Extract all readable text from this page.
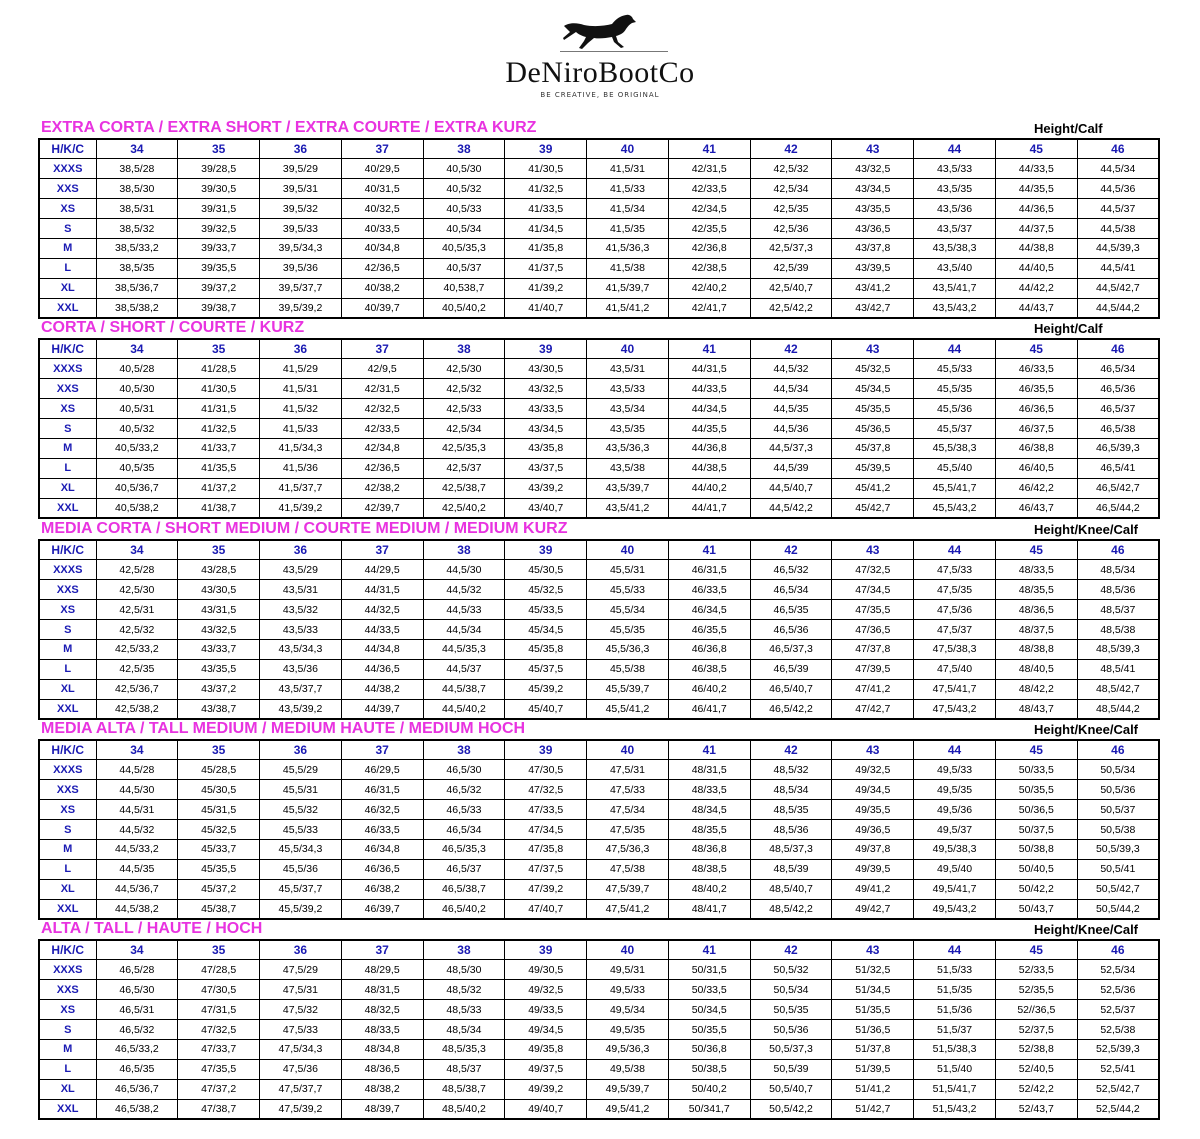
DeNiroBootCo
BE CREATIVE, BE ORIGINAL
EXTRA CORTA / EXTRA SHORT / EXTRA COURTE / EXTRA KURZ	Height/Calf
H/K/C	34	35	36	37	38	39	40	41	42	43	44	45	46
XXXS	38,5/28	39/28,5	39,5/29	40/29,5	40,5/30	41/30,5	41,5/31	42/31,5	42,5/32	43/32,5	43,5/33	44/33,5	44,5/34
XXS	38,5/30	39/30,5	39,5/31	40/31,5	40,5/32	41/32,5	41,5/33	42/33,5	42,5/34	43/34,5	43,5/35	44/35,5	44,5/36
XS	38,5/31	39/31,5	39,5/32	40/32,5	40,5/33	41/33,5	41,5/34	42/34,5	42,5/35	43/35,5	43,5/36	44/36,5	44,5/37
S	38,5/32	39/32,5	39,5/33	40/33,5	40,5/34	41/34,5	41,5/35	42/35,5	42,5/36	43/36,5	43,5/37	44/37,5	44,5/38
M	38,5/33,2	39/33,7	39,5/34,3	40/34,8	40,5/35,3	41/35,8	41,5/36,3	42/36,8	42,5/37,3	43/37,8	43,5/38,3	44/38,8	44,5/39,3
L	38,5/35	39/35,5	39,5/36	42/36,5	40,5/37	41/37,5	41,5/38	42/38,5	42,5/39	43/39,5	43,5/40	44/40,5	44,5/41
XL	38,5/36,7	39/37,2	39,5/37,7	40/38,2	40,538,7	41/39,2	41,5/39,7	42/40,2	42,5/40,7	43/41,2	43,5/41,7	44/42,2	44,5/42,7
XXL	38,5/38,2	39/38,7	39,5/39,2	40/39,7	40,5/40,2	41/40,7	41,5/41,2	42/41,7	42,5/42,2	43/42,7	43,5/43,2	44/43,7	44,5/44,2
CORTA / SHORT / COURTE / KURZ	Height/Calf
H/K/C	34	35	36	37	38	39	40	41	42	43	44	45	46
XXXS	40,5/28	41/28,5	41,5/29	42/9,5	42,5/30	43/30,5	43,5/31	44/31,5	44,5/32	45/32,5	45,5/33	46/33,5	46,5/34
XXS	40,5/30	41/30,5	41,5/31	42/31,5	42,5/32	43/32,5	43,5/33	44/33,5	44,5/34	45/34,5	45,5/35	46/35,5	46,5/36
XS	40,5/31	41/31,5	41,5/32	42/32,5	42,5/33	43/33,5	43,5/34	44/34,5	44,5/35	45/35,5	45,5/36	46/36,5	46,5/37
S	40,5/32	41/32,5	41,5/33	42/33,5	42,5/34	43/34,5	43,5/35	44/35,5	44,5/36	45/36,5	45,5/37	46/37,5	46,5/38
M	40,5/33,2	41/33,7	41,5/34,3	42/34,8	42,5/35,3	43/35,8	43,5/36,3	44/36,8	44,5/37,3	45/37,8	45,5/38,3	46/38,8	46,5/39,3
L	40,5/35	41/35,5	41,5/36	42/36,5	42,5/37	43/37,5	43,5/38	44/38,5	44,5/39	45/39,5	45,5/40	46/40,5	46,5/41
XL	40,5/36,7	41/37,2	41,5/37,7	42/38,2	42,5/38,7	43/39,2	43,5/39,7	44/40,2	44,5/40,7	45/41,2	45,5/41,7	46/42,2	46,5/42,7
XXL	40,5/38,2	41/38,7	41,5/39,2	42/39,7	42,5/40,2	43/40,7	43,5/41,2	44/41,7	44,5/42,2	45/42,7	45,5/43,2	46/43,7	46,5/44,2
MEDIA CORTA / SHORT MEDIUM / COURTE MEDIUM / MEDIUM KURZ	Height/Knee/Calf
H/K/C	34	35	36	37	38	39	40	41	42	43	44	45	46
XXXS	42,5/28	43/28,5	43,5/29	44/29,5	44,5/30	45/30,5	45,5/31	46/31,5	46,5/32	47/32,5	47,5/33	48/33,5	48,5/34
XXS	42,5/30	43/30,5	43,5/31	44/31,5	44,5/32	45/32,5	45,5/33	46/33,5	46,5/34	47/34,5	47,5/35	48/35,5	48,5/36
XS	42,5/31	43/31,5	43,5/32	44/32,5	44,5/33	45/33,5	45,5/34	46/34,5	46,5/35	47/35,5	47,5/36	48/36,5	48,5/37
S	42,5/32	43/32,5	43,5/33	44/33,5	44,5/34	45/34,5	45,5/35	46/35,5	46,5/36	47/36,5	47,5/37	48/37,5	48,5/38
M	42,5/33,2	43/33,7	43,5/34,3	44/34,8	44,5/35,3	45/35,8	45,5/36,3	46/36,8	46,5/37,3	47/37,8	47,5/38,3	48/38,8	48,5/39,3
L	42,5/35	43/35,5	43,5/36	44/36,5	44,5/37	45/37,5	45,5/38	46/38,5	46,5/39	47/39,5	47,5/40	48/40,5	48,5/41
XL	42,5/36,7	43/37,2	43,5/37,7	44/38,2	44,5/38,7	45/39,2	45,5/39,7	46/40,2	46,5/40,7	47/41,2	47,5/41,7	48/42,2	48,5/42,7
XXL	42,5/38,2	43/38,7	43,5/39,2	44/39,7	44,5/40,2	45/40,7	45,5/41,2	46/41,7	46,5/42,2	47/42,7	47,5/43,2	48/43,7	48,5/44,2
MEDIA ALTA / TALL MEDIUM / MEDIUM HAUTE / MEDIUM HOCH	Height/Knee/Calf
H/K/C	34	35	36	37	38	39	40	41	42	43	44	45	46
XXXS	44,5/28	45/28,5	45,5/29	46/29,5	46,5/30	47/30,5	47,5/31	48/31,5	48,5/32	49/32,5	49,5/33	50/33,5	50,5/34
XXS	44,5/30	45/30,5	45,5/31	46/31,5	46,5/32	47/32,5	47,5/33	48/33,5	48,5/34	49/34,5	49,5/35	50/35,5	50,5/36
XS	44,5/31	45/31,5	45,5/32	46/32,5	46,5/33	47/33,5	47,5/34	48/34,5	48,5/35	49/35,5	49,5/36	50/36,5	50,5/37
S	44,5/32	45/32,5	45,5/33	46/33,5	46,5/34	47/34,5	47,5/35	48/35,5	48,5/36	49/36,5	49,5/37	50/37,5	50,5/38
M	44,5/33,2	45/33,7	45,5/34,3	46/34,8	46,5/35,3	47/35,8	47,5/36,3	48/36,8	48,5/37,3	49/37,8	49,5/38,3	50/38,8	50,5/39,3
L	44,5/35	45/35,5	45,5/36	46/36,5	46,5/37	47/37,5	47,5/38	48/38,5	48,5/39	49/39,5	49,5/40	50/40,5	50,5/41
XL	44,5/36,7	45/37,2	45,5/37,7	46/38,2	46,5/38,7	47/39,2	47,5/39,7	48/40,2	48,5/40,7	49/41,2	49,5/41,7	50/42,2	50,5/42,7
XXL	44,5/38,2	45/38,7	45,5/39,2	46/39,7	46,5/40,2	47/40,7	47,5/41,2	48/41,7	48,5/42,2	49/42,7	49,5/43,2	50/43,7	50,5/44,2
ALTA / TALL / HAUTE / HOCH	Height/Knee/Calf
H/K/C	34	35	36	37	38	39	40	41	42	43	44	45	46
XXXS	46,5/28	47/28,5	47,5/29	48/29,5	48,5/30	49/30,5	49,5/31	50/31,5	50,5/32	51/32,5	51,5/33	52/33,5	52,5/34
XXS	46,5/30	47/30,5	47,5/31	48/31,5	48,5/32	49/32,5	49,5/33	50/33,5	50,5/34	51/34,5	51,5/35	52/35,5	52,5/36
XS	46,5/31	47/31,5	47,5/32	48/32,5	48,5/33	49/33,5	49,5/34	50/34,5	50,5/35	51/35,5	51,5/36	52//36,5	52,5/37
S	46,5/32	47/32,5	47,5/33	48/33,5	48,5/34	49/34,5	49,5/35	50/35,5	50,5/36	51/36,5	51,5/37	52/37,5	52,5/38
M	46,5/33,2	47/33,7	47,5/34,3	48/34,8	48,5/35,3	49/35,8	49,5/36,3	50/36,8	50,5/37,3	51/37,8	51,5/38,3	52/38,8	52,5/39,3
L	46,5/35	47/35,5	47,5/36	48/36,5	48,5/37	49/37,5	49,5/38	50/38,5	50,5/39	51/39,5	51,5/40	52/40,5	52,5/41
XL	46,5/36,7	47/37,2	47,5/37,7	48/38,2	48,5/38,7	49/39,2	49,5/39,7	50/40,2	50,5/40,7	51/41,2	51,5/41,7	52/42,2	52,5/42,7
XXL	46,5/38,2	47/38,7	47,5/39,2	48/39,7	48,5/40,2	49/40,7	49,5/41,2	50/341,7	50,5/42,2	51/42,7	51,5/43,2	52/43,7	52,5/44,2
